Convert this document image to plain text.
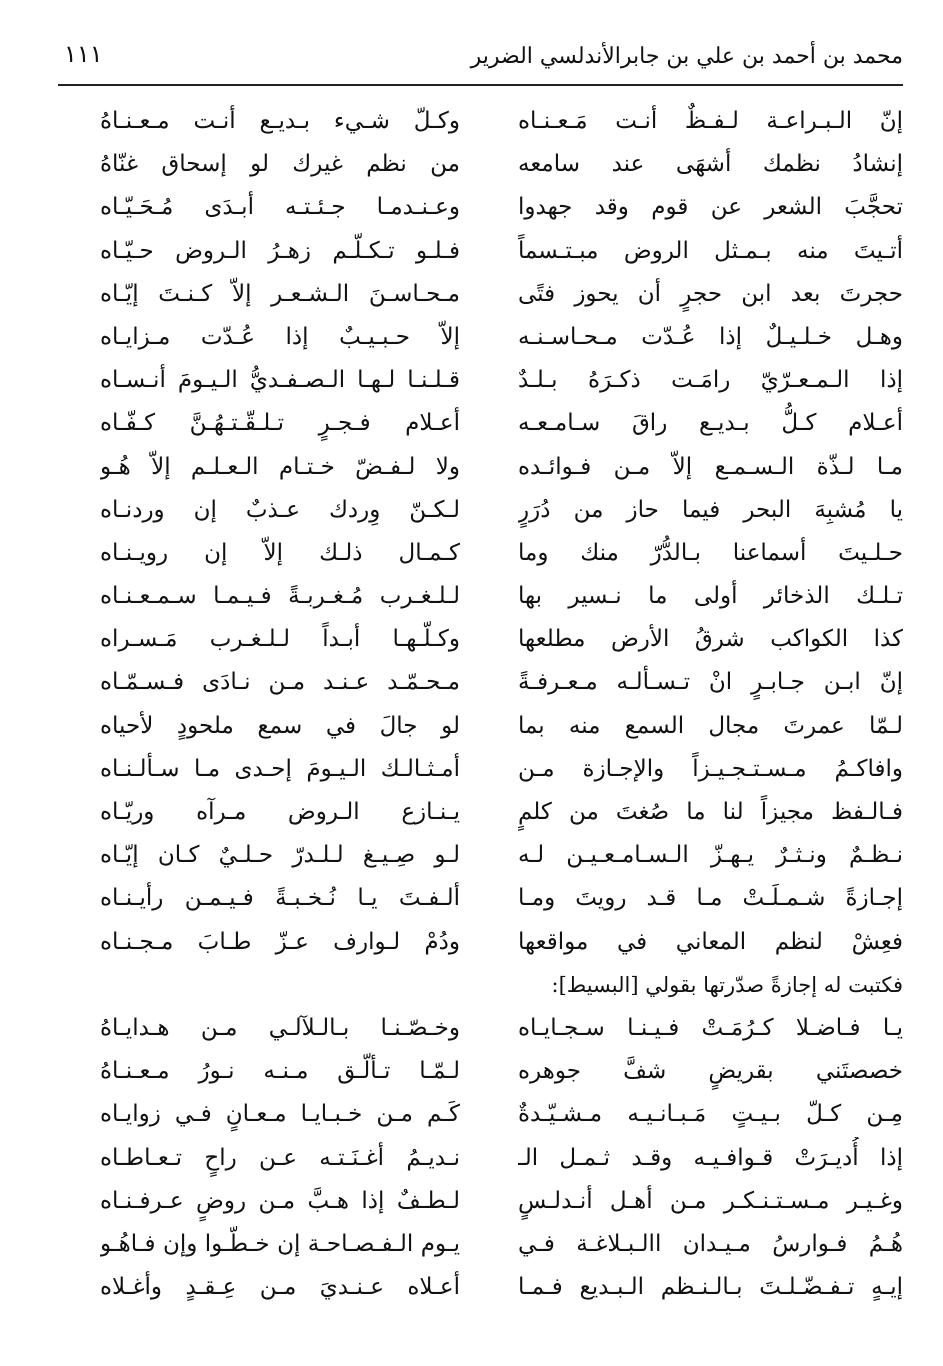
محمد بن أحمد بن علي بن جابرالأندلسي الضرير
١١١
إنّ الـبـراعـة لـفـظٌ أنـت مَـعـنـاه
إنشادُ نظمك أشهَى عند سامعه
تحجَّبَ الشعر عن قوم وقد جهدوا
أتـيتَ منه بـمـثل الروض مبـتـسماً
حجرتَ بعد ابن حجرٍ أن يحوز فتًى
وهـل خـلـيـلٌ إذا عُـدّت مـحـاسـنـه
إذا الـمـعـرّيّ رامَـت ذكـرَهُ بـلـدٌ
أعـلام كـلُّ بـديـع راقَ سـامـعـه
مـا لـذّة الـسـمـع إلاّ مـن فـوائـده
يا مُشبِهَ البحر فيما حاز من دُرَرٍ
حـلـيتَ أسماعنا بـالدُّرّ منك وما
تـلـك الذخائر أولى ما نـسير بها
كذا الكواكب شرقُ الأرض مطلعها
إنّ ابـن جـابـرٍ انْ تـسـألـه مـعـرفـةً
لـمّا عمرتَ مجال السمع منه بما
وافاكـمُ مـسـتـجـيـزاً والإجـازة مـن
فـالـفظ مجيزاً لنا ما صُغتَ من كلمٍ
نـظـمٌ ونـثـرٌ يـهـزّ الـسـامـعـيـن لـه
إجـازةً شـمـلَـتْ مـا قـد رويتَ ومـا
فعِشْ لنظم المعاني في مواقعها
فكتبت له إجازةً صدّرتها بقولي [البسيط]:
يـا فـاضـلا كـرُمَـتْ فـيـنـا سـجـايـاه
خصصتَني بقريضٍ شفَّ جوهره
مِـن كـلّ بـيـتٍ مَـبـانـيـه مـشـيّـدةٌ
إذا أُديـرَتْ قـوافـيـه وقـد ثـمـل الـ
وغـيـر مـسـتـنـكـر مـن أهـل أنـدلـسٍ
هُـمُ فـوارسُ مـيـدان االـبـلاغـة فـي
إيـهٍ تـفـضّـلـتَ بـالـنـظم الـبـديع فـمـا
وكـلّ شـيء بـديـع أنـت مـعـنـاهُ
من نظم غيرك لو إسحاق غنّاهُ
وعـنـدمـا جـئـتـه أبـدَى مُـحَـيّـاه
فـلـو تـكـلّـم زهـرُ الـروض حـيّـاه
مـحـاسـنَ الـشـعـر إلاّ كـنـتَ إيّـاه
إلاّ حـبـيـبٌ إذا عُـدّت مـزايـاه
قـلـنـا لـهـا الـصـفـديُّ الـيـومَ أنـسـاه
أعـلام فـجـرٍ تـلـقّـتـهُـنَّ كـفّـاه
ولا لـفـضّ خـتـام الـعـلـم إلاّ هُـو
لـكـنّ وِردك عـذبٌ إن وردنـاه
كـمـال ذلـك إلاّ إن رويـنـاه
لـلـغـرب مُـغـربـةً فـيـمـا سـمـعـنـاه
وكـلّـهـا أبـداً لـلـغـرب مَـسـراه
مـحـمّـد عـنـد مـن نـادَى فـسـمّـاه
لو جالَ في سمع ملحودٍ لأحياه
أمـثـالـك الـيـومَ إحـدى مـا سـألـنـاه
يـنـازع الـروض مـرآه وريّـاه
لـو صِـيـغ لـلـدرّ حـلـيٌ كـان إيّـاه
ألـفـتَ يـا نُـخـبـةً فـيـمـن رأيـنـاه
ودُمْ لـوارف عـزّ طـابَ مـجـنـاه
وخـصّـنـا بـالـلآلـي مـن هـدايـاهُ
لـمّـا تـألّـق مـنـه نـورُ مـعـنـاهُ
كَـم مـن خـبـايـا مـعـانٍ فـي زوايـاه
نـديـمُ أغـنَـتـه عـن راحٍ تـعـاطـاه
لـطـفٌ إذا هـبَّ مـن روضٍ عـرفـنـاه
يـوم الـفـصـاحـة إن خـطّـوا وإن فـاهُـو
أعـلاه عـنـديَ مـن عِـقـدٍ وأغـلاه
